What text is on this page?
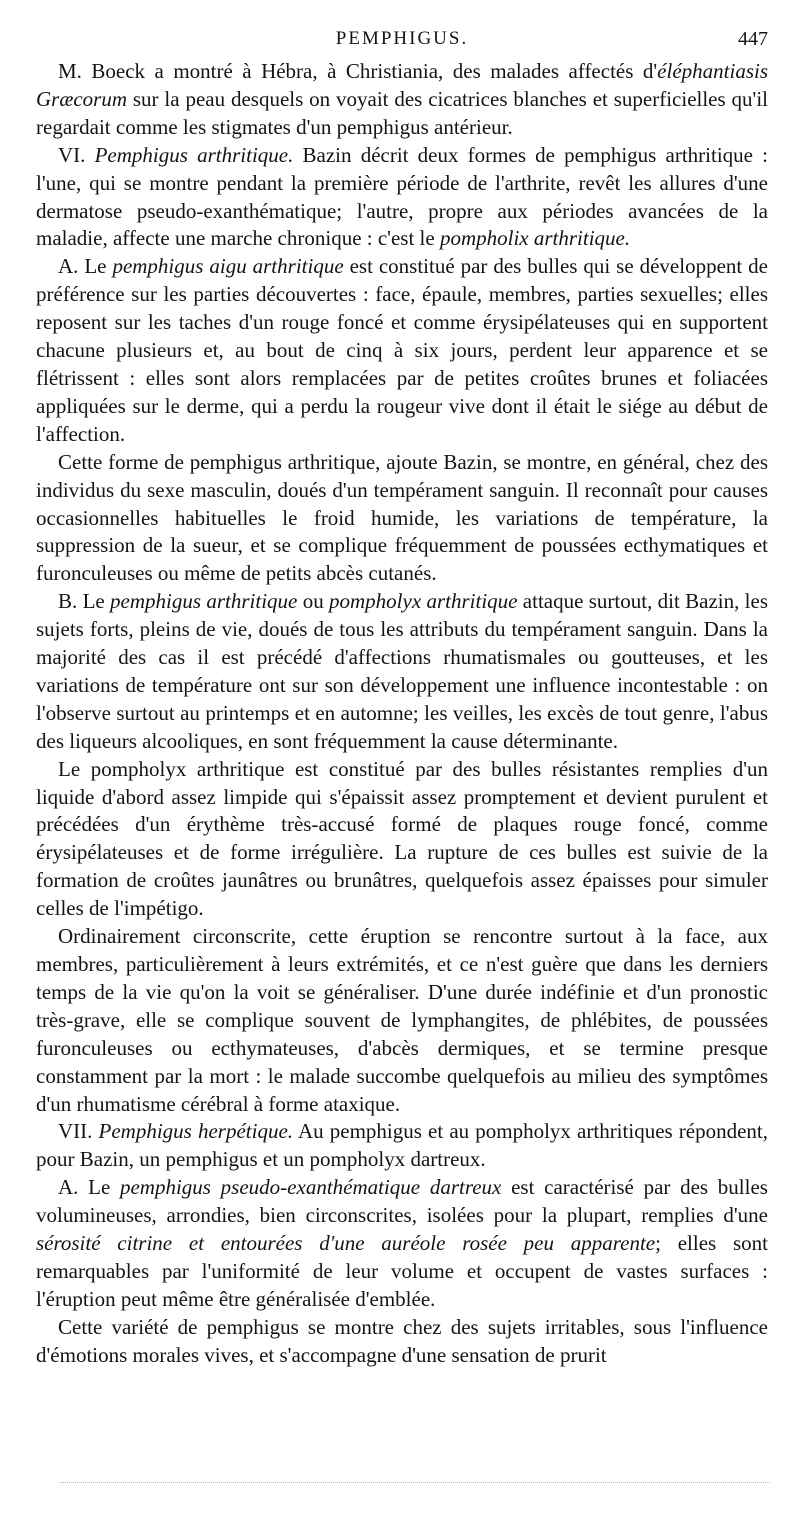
PEMPHIGUS.	447

M. Boeck a montré à Hébra, à Christiania, des malades affectés d'éléphantiasis Græcorum sur la peau desquels on voyait des cicatrices blanches et superficielles qu'il regardait comme les stigmates d'un pemphigus antérieur.

VI. Pemphigus arthritique. Bazin décrit deux formes de pemphigus arthritique : l'une, qui se montre pendant la première période de l'arthrite, revêt les allures d'une dermatose pseudo-exanthématique; l'autre, propre aux périodes avancées de la maladie, affecte une marche chronique : c'est le pompholix arthritique.

A. Le pemphigus aigu arthritique est constitué par des bulles qui se développent de préférence sur les parties découvertes : face, épaule, membres, parties sexuelles; elles reposent sur les taches d'un rouge foncé et comme érysipélateuses qui en supportent chacune plusieurs et, au bout de cinq à six jours, perdent leur apparence et se flétrissent : elles sont alors remplacées par de petites croûtes brunes et foliacées appliquées sur le derme, qui a perdu la rougeur vive dont il était le siége au début de l'affection.

Cette forme de pemphigus arthritique, ajoute Bazin, se montre, en général, chez des individus du sexe masculin, doués d'un tempérament sanguin. Il reconnaît pour causes occasionnelles habituelles le froid humide, les variations de température, la suppression de la sueur, et se complique fréquemment de poussées ecthymatiques et furonculeuses ou même de petits abcès cutanés.

B. Le pemphigus arthritique ou pompholyx arthritique attaque surtout, dit Bazin, les sujets forts, pleins de vie, doués de tous les attributs du tempérament sanguin. Dans la majorité des cas il est précédé d'affections rhumatismales ou goutteuses, et les variations de température ont sur son développement une influence incontestable : on l'observe surtout au printemps et en automne; les veilles, les excès de tout genre, l'abus des liqueurs alcooliques, en sont fréquemment la cause déterminante.

Le pompholyx arthritique est constitué par des bulles résistantes remplies d'un liquide d'abord assez limpide qui s'épaissit assez promptement et devient purulent et précédées d'un érythème très-accusé formé de plaques rouge foncé, comme érysipélateuses et de forme irrégulière. La rupture de ces bulles est suivie de la formation de croûtes jaunâtres ou brunâtres, quelquefois assez épaisses pour simuler celles de l'impétigo.

Ordinairement circonscrite, cette éruption se rencontre surtout à la face, aux membres, particulièrement à leurs extrémités, et ce n'est guère que dans les derniers temps de la vie qu'on la voit se généraliser. D'une durée indéfinie et d'un pronostic très-grave, elle se complique souvent de lymphangites, de phlébites, de poussées furonculeuses ou ecthymateuses, d'abcès dermiques, et se termine presque constamment par la mort : le malade succombe quelquefois au milieu des symptômes d'un rhumatisme cérébral à forme ataxique.

VII. Pemphigus herpétique. Au pemphigus et au pompholyx arthritiques répondent, pour Bazin, un pemphigus et un pompholyx dartreux.

A. Le pemphigus pseudo-exanthématique dartreux est caractérisé par des bulles volumineuses, arrondies, bien circonscrites, isolées pour la plupart, remplies d'une sérosité citrine et entourées d'une auréole rosée peu apparente; elles sont remarquables par l'uniformité de leur volume et occupent de vastes surfaces : l'éruption peut même être généralisée d'emblée.

Cette variété de pemphigus se montre chez des sujets irritables, sous l'influence d'émotions morales vives, et s'accompagne d'une sensation de prurit
